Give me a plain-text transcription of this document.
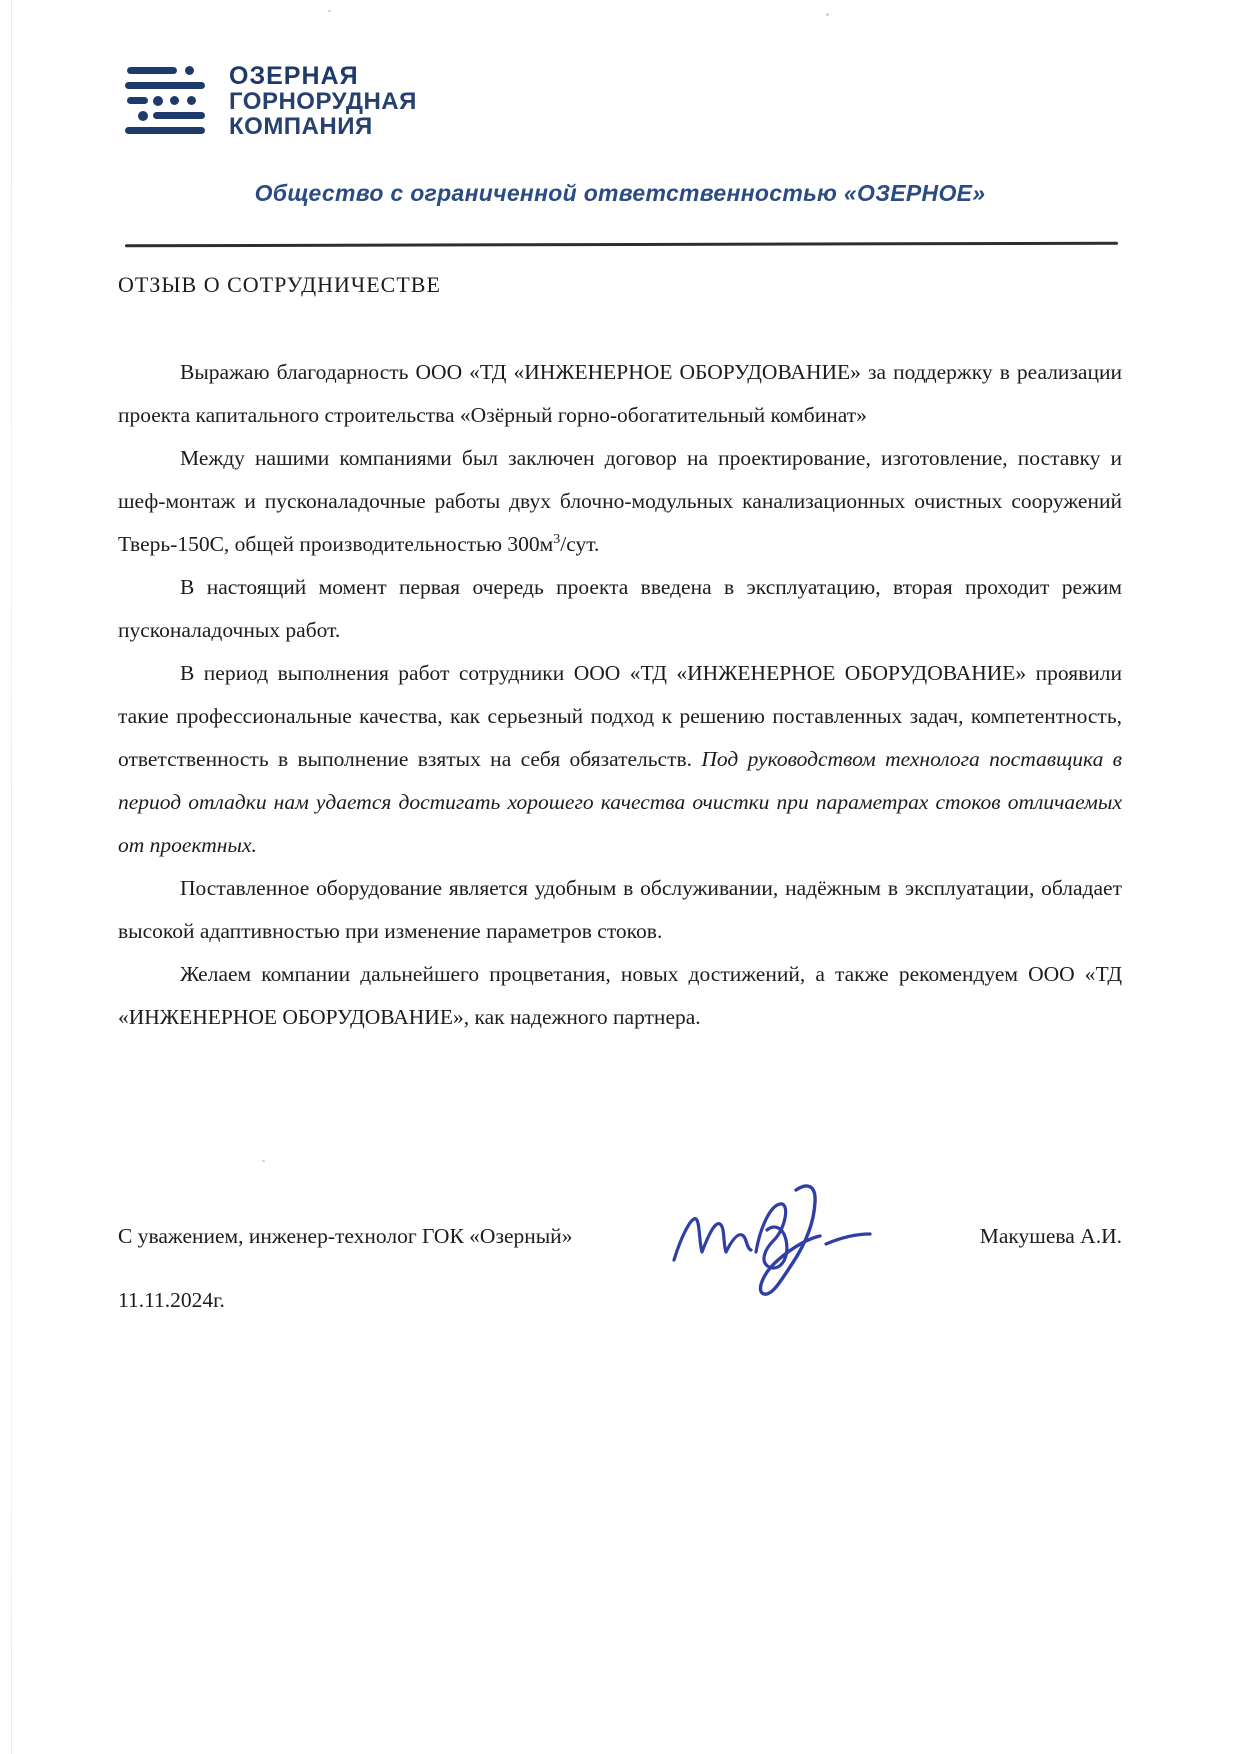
ОЗЕРНАЯ
ГОРНОРУДНАЯ
КОМПАНИЯ
Общество с ограниченной ответственностью «ОЗЕРНОЕ»
ОТЗЫВ О СОТРУДНИЧЕСТВЕ

Выражаю благодарность ООО «ТД «ИНЖЕНЕРНОЕ ОБОРУДОВАНИЕ» за поддержку в реализации проекта капитального строительства «Озёрный горно-обогатительный комбинат»

Между нашими компаниями был заключен договор на проектирование, изготовление, поставку и шеф-монтаж и пусконаладочные работы двух блочно-модульных канализационных очистных сооружений Тверь-150С, общей производительностью $300м^3$/сут.

В настоящий момент первая очередь проекта введена в эксплуатацию, вторая проходит режим пусконаладочных работ.

В период выполнения работ сотрудники ООО «ТД «ИНЖЕНЕРНОЕ ОБОРУДОВАНИЕ» проявили такие профессиональные качества, как серьезный подход к решению поставленных задач, компетентность, ответственность в выполнение взятых на себя обязательств. Под руководством технолога поставщика в период отладки нам удается достигать хорошего качества очистки при параметрах стоков отличаемых от проектных.

Поставленное оборудование является удобным в обслуживании, надёжным в эксплуатации, обладает высокой адаптивностью при изменение параметров стоков.

Желаем компании дальнейшего процветания, новых достижений, а также рекомендуем ООО «ТД «ИНЖЕНЕРНОЕ ОБОРУДОВАНИЕ», как надежного партнера.

С уважением, инженер-технолог ГОК «Озерный»	Макушева А.И.
11.11.2024г.
